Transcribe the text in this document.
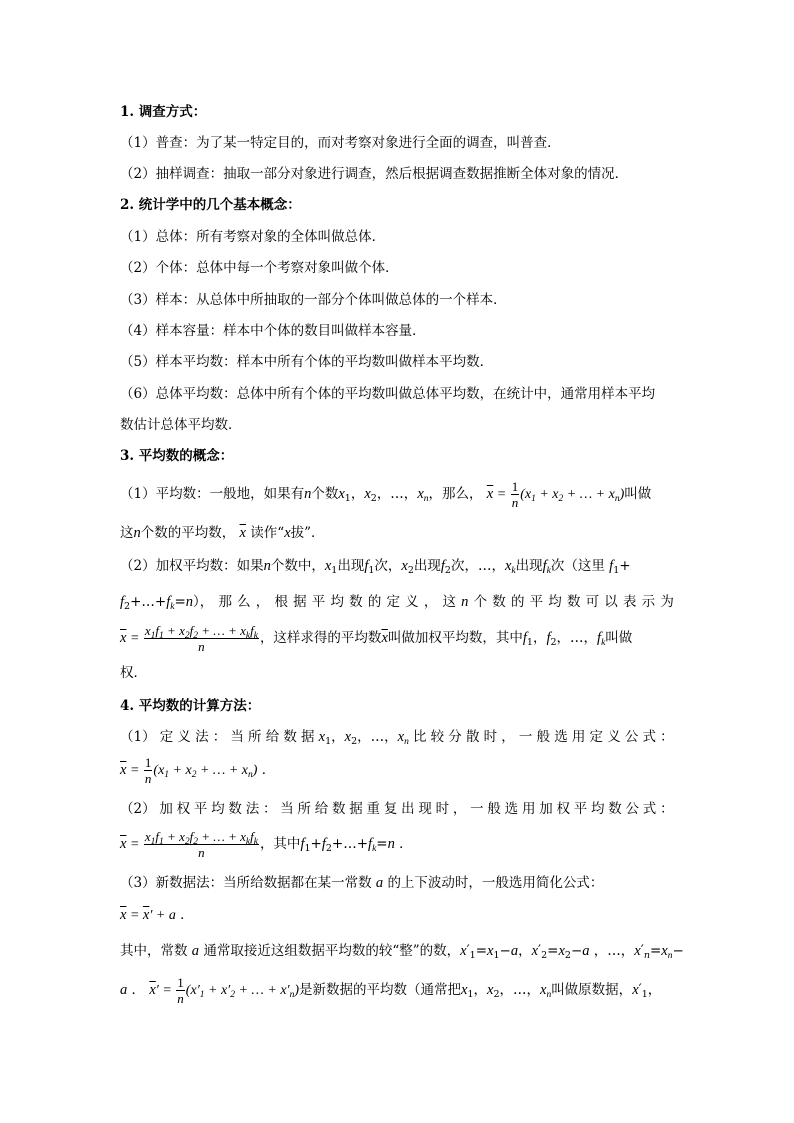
1. 调查方式：
（1）普查：为了某一特定目的，而对考察对象进行全面的调查，叫普查．
（2）抽样调查：抽取一部分对象进行调查，然后根据调查数据推断全体对象的情况．
2. 统计学中的几个基本概念：
（1）总体：所有考察对象的全体叫做总体．
（2）个体：总体中每一个考察对象叫做个体．
（3）样本：从总体中所抽取的一部分个体叫做总体的一个样本．
（4）样本容量：样本中个体的数目叫做样本容量．
（5）样本平均数：样本中所有个体的平均数叫做样本平均数．
（6）总体平均数：总体中所有个体的平均数叫做总体平均数，在统计中，通常用样本平均
数估计总体平均数．
3. 平均数的概念：
（1）平均数：一般地，如果有n个数$x_1$，$x_2$，…，$x_n$，那么， $\overline{x} = \frac{1}{n} (x_1 + x_2$ + … + $x_n$)叫做
这n个数的平均数， $\overline{x}$ 读作“x拔”．
（2）加权平均数：如果n个数中，$x_1$出现$f_1$次，$x_2$出现$f_2$次，…，$x_k$出现$f_k$次（这里 $f_1+$
$f_2+\dots+f_k=n$）， 那 么 ， 根 据 平 均 数 的 定 义 ， 这 n 个 数 的 平 均 数 可 以 表 示 为
$\overline{x}$ =
$x_1f_1 + x_2f_2$ + … + $x_kf_k$
n
，这样求得的平均数$\overline{x}$叫做加权平均数，其中$f_1$，$f_2$，…，$f_k$叫做
权．
4. 平均数的计算方法：
（1） 定 义 法 ： 当 所 给 数 据 $x_1$，$x_2$，…，$x_n$ 比 较 分 散 时 ， 一 般 选 用 定 义 公 式 ：
$\overline{x} = \frac{1}{n} (x_1 + x_2$ + … + $x_n$) ．
（2） 加 权 平 均 数 法 ： 当 所 给 数 据 重 复 出 现 时 ， 一 般 选 用 加 权 平 均 数 公 式 ：
$\overline{x}$ =
$x_1f_1 + x_2f_2$ + … + $x_kf_k$
n
，其中$f_1+f_2+\dots+f_k=n$ ．
（3）新数据法：当所给数据都在某一常数 a 的上下波动时，一般选用简化公式：
$\overline{x} = \overline{x}' + a$ ．
其中，常数 a 通常取接近这组数据平均数的较“整”的数，$x'_1=x_1-a$，$x'_2=x_2-a$ ，…，$x'_n=x_n-$
a ． $\overline{x}' = \frac{1}{n} (x'_1 + x'_2$ + … + $x'_n$)是新数据的平均数（通常把$x_1$，$x_2$，…，$x_n$叫做原数据，$x'_1$，
